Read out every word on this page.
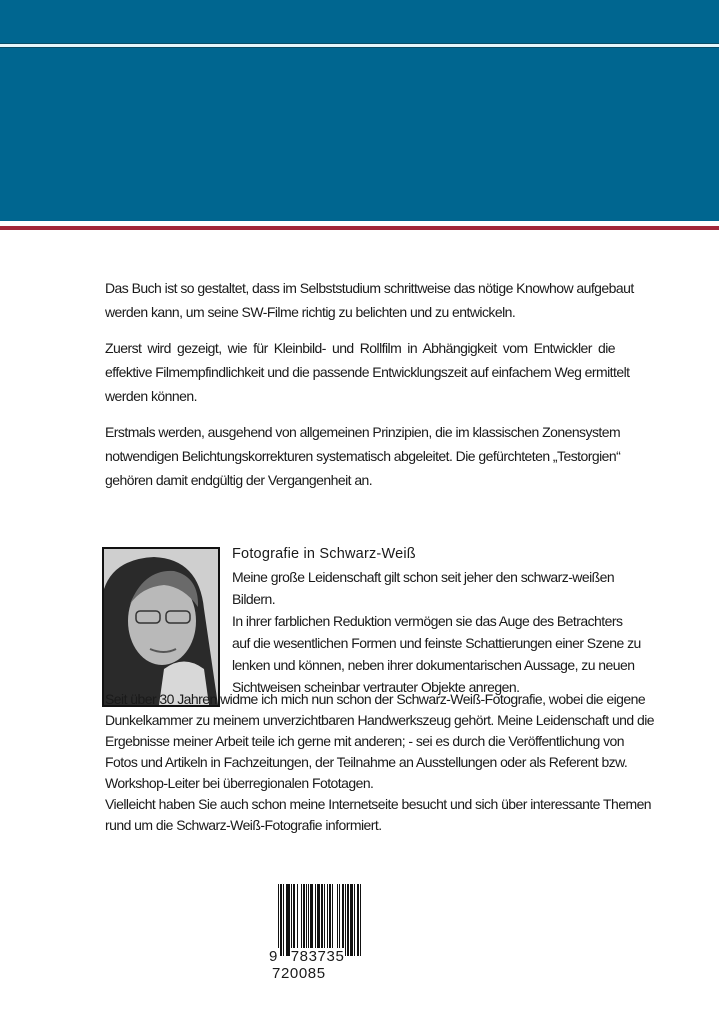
Das Buch ist so gestaltet, dass im Selbststudium schrittweise das nötige Knowhow aufgebaut
werden kann, um seine SW-Filme richtig zu belichten und zu entwickeln.
Zuerst wird gezeigt, wie für Kleinbild- und Rollfilm in Abhängigkeit vom Entwickler die
effektive Filmempfindlichkeit und die passende Entwicklungszeit auf einfachem Weg ermittelt
werden können.
Erstmals werden, ausgehend von allgemeinen Prinzipien, die im klassischen Zonensystem
notwendigen Belichtungskorrekturen systematisch abgeleitet. Die gefürchteten „Testorgien“
gehören damit endgültig der Vergangenheit an.
Fotografie in Schwarz-Weiß
Meine große Leidenschaft gilt schon seit jeher den schwarz-weißen
Bildern.
In ihrer farblichen Reduktion vermögen sie das Auge des Betrachters
auf die wesentlichen Formen und feinste Schattierungen einer Szene zu
lenken und können, neben ihrer dokumentarischen Aussage, zu neuen
Sichtweisen scheinbar vertrauter Objekte anregen.
Seit über 30 Jahren widme ich mich nun schon der Schwarz-Weiß-Fotografie, wobei die eigene
Dunkelkammer zu meinem unverzichtbaren Handwerkszeug gehört. Meine Leidenschaft und die
Ergebnisse meiner Arbeit teile ich gerne mit anderen; - sei es durch die Veröffentlichung von
Fotos und Artikeln in Fachzeitungen, der Teilnahme an Ausstellungen oder als Referent bzw.
Workshop-Leiter bei überregionalen Fototagen.
Vielleicht haben Sie auch schon meine Internetseite besucht und sich über interessante Themen
rund um die Schwarz-Weiß-Fotografie informiert.
9 783735 720085
